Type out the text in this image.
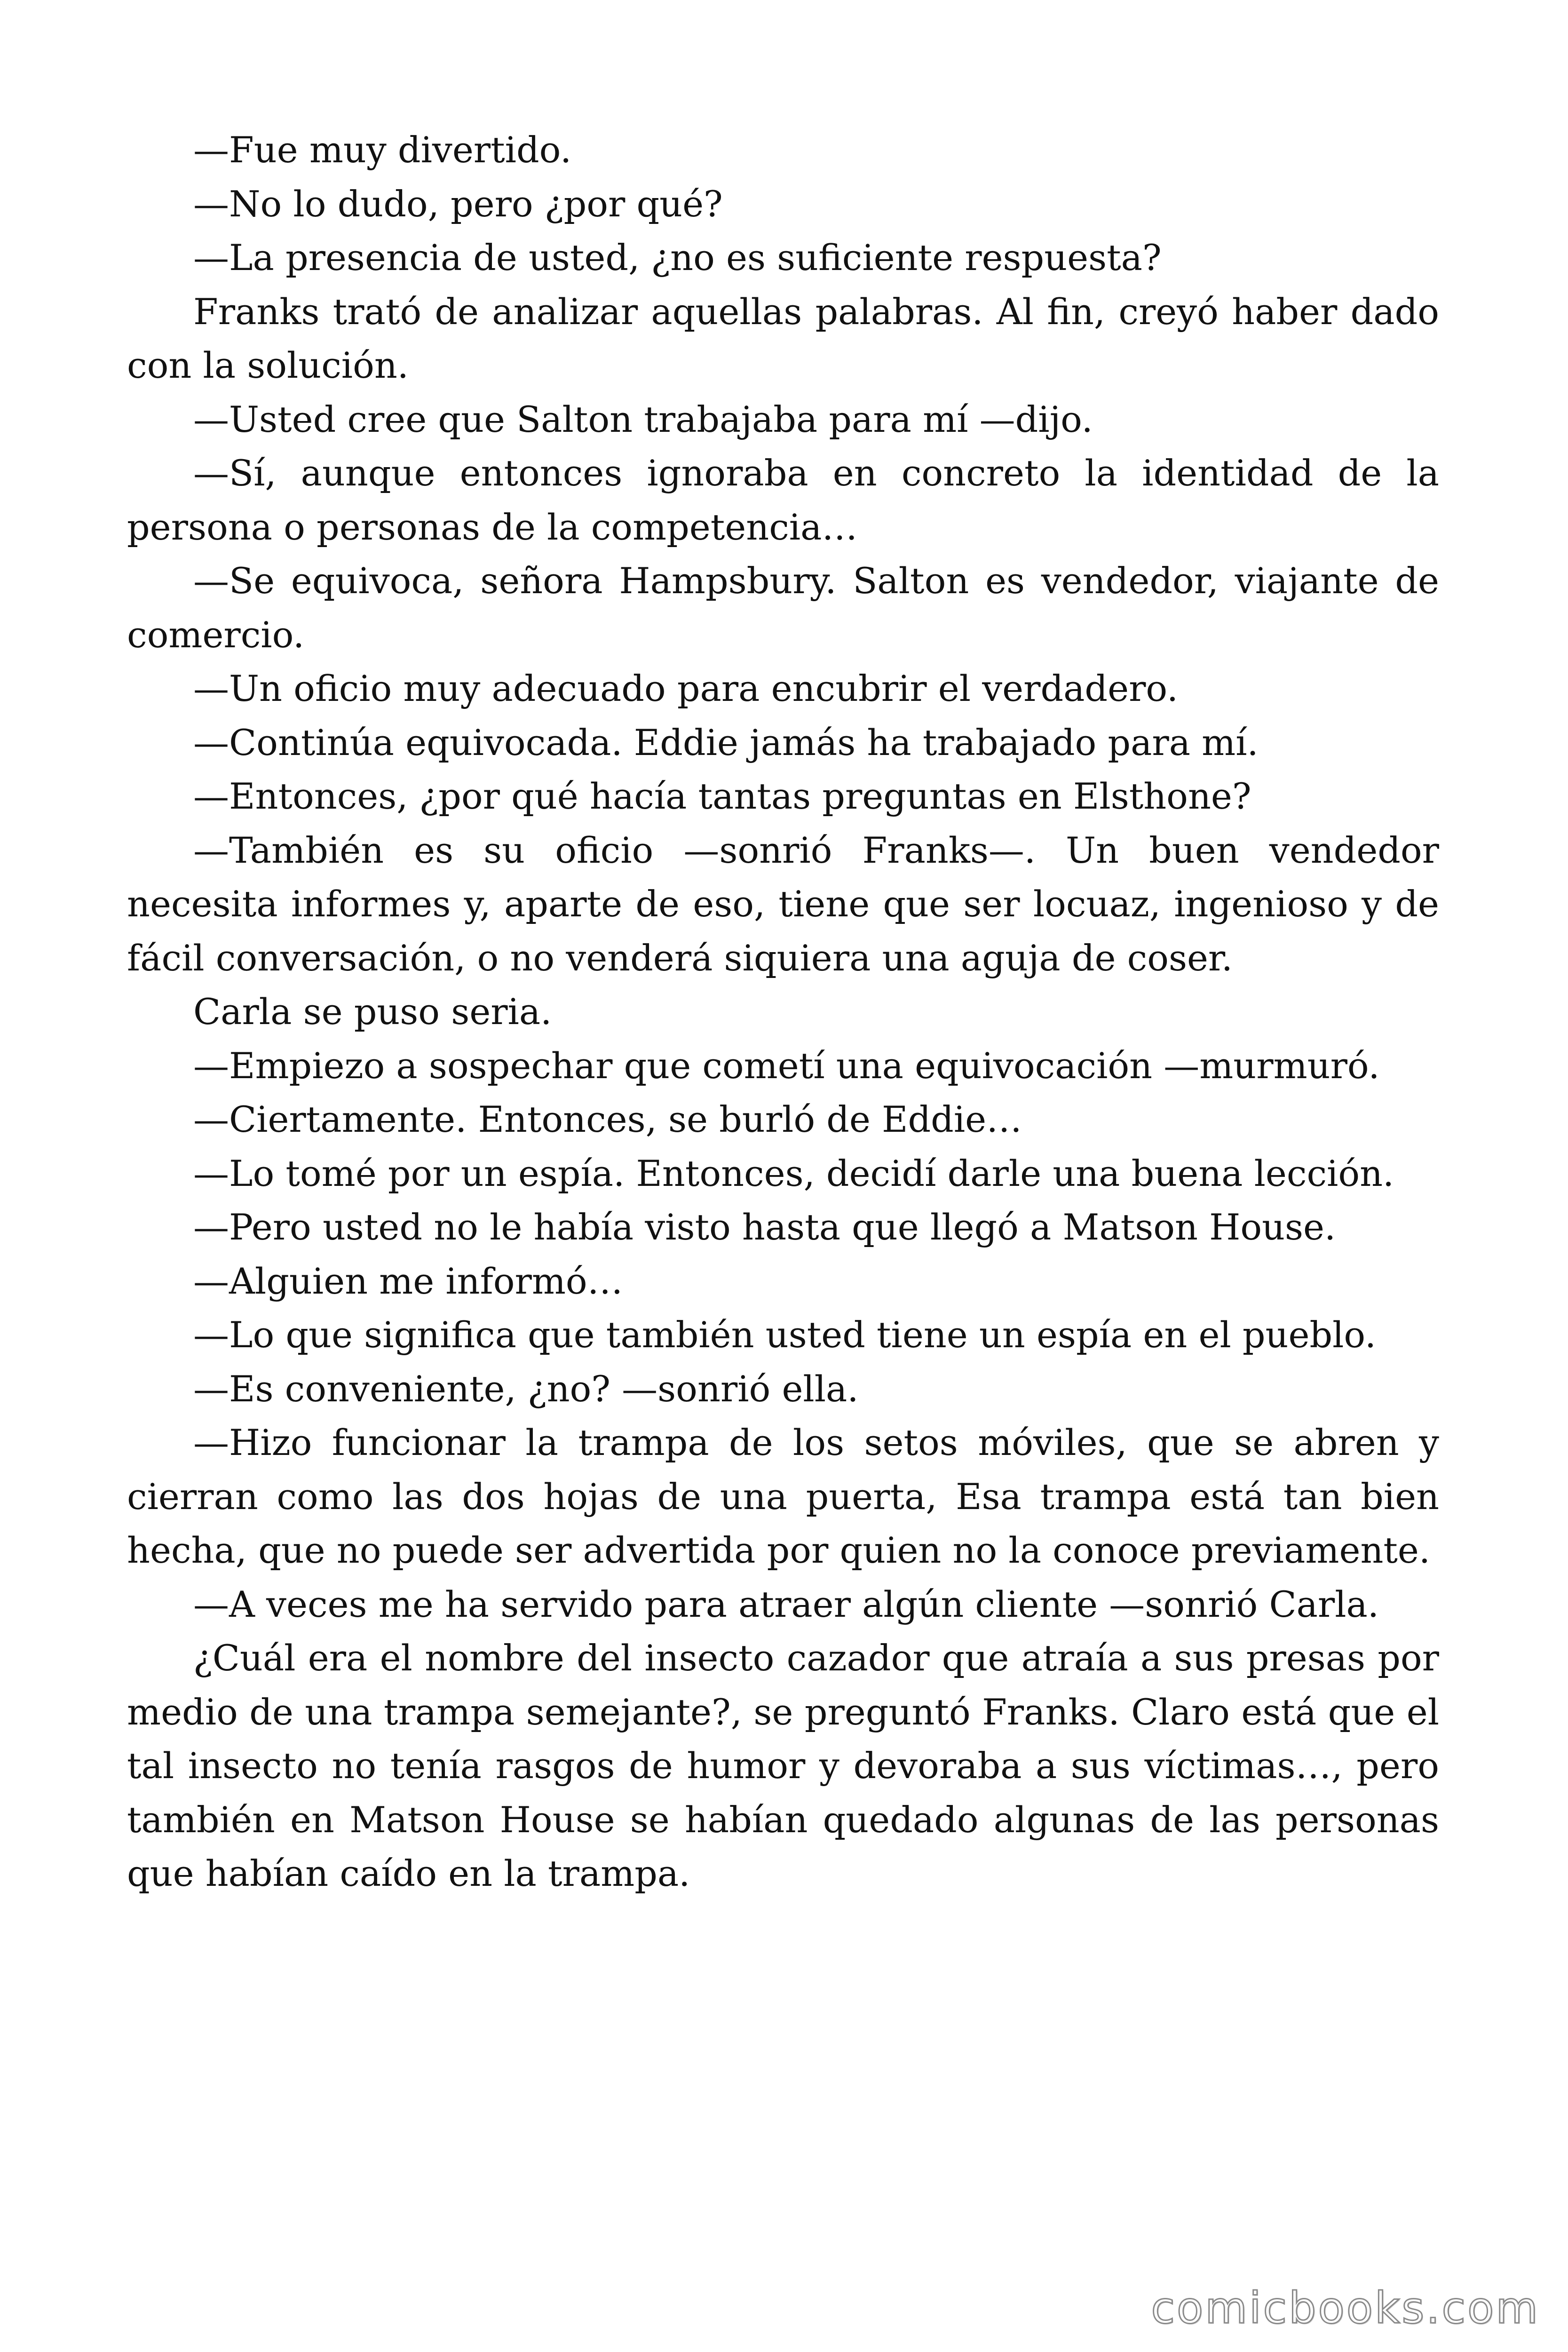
—Fue muy divertido.

—No lo dudo, pero ¿por qué?

—La presencia de usted, ¿no es suficiente respuesta?

Franks trató de analizar aquellas palabras. Al fin, creyó haber dado con la solución.

—Usted cree que Salton trabajaba para mí —dijo.

—Sí, aunque entonces ignoraba en concreto la identidad de la persona o personas de la competencia…

—Se equivoca, señora Hampsbury. Salton es vendedor, viajante de comercio.

—Un oficio muy adecuado para encubrir el verdadero.

—Continúa equivocada. Eddie jamás ha trabajado para mí.

—Entonces, ¿por qué hacía tantas preguntas en Elsthone?

—También es su oficio —sonrió Franks—. Un buen vendedor necesita informes y, aparte de eso, tiene que ser locuaz, ingenioso y de fácil conversación, o no venderá siquiera una aguja de coser.

Carla se puso seria.

—Empiezo a sospechar que cometí una equivocación —murmuró.

—Ciertamente. Entonces, se burló de Eddie…

—Lo tomé por un espía. Entonces, decidí darle una buena lección.

—Pero usted no le había visto hasta que llegó a Matson House.

—Alguien me informó…

—Lo que significa que también usted tiene un espía en el pueblo.

—Es conveniente, ¿no? —sonrió ella.

—Hizo funcionar la trampa de los setos móviles, que se abren y cierran como las dos hojas de una puerta, Esa trampa está tan bien hecha, que no puede ser advertida por quien no la conoce previamente.

—A veces me ha servido para atraer algún cliente —sonrió Carla.

¿Cuál era el nombre del insecto cazador que atraía a sus presas por medio de una trampa semejante?, se preguntó Franks. Claro está que el tal insecto no tenía rasgos de humor y devoraba a sus víctimas…, pero también en Matson House se habían quedado algunas de las personas que habían caído en la trampa.

comicbooks.com
